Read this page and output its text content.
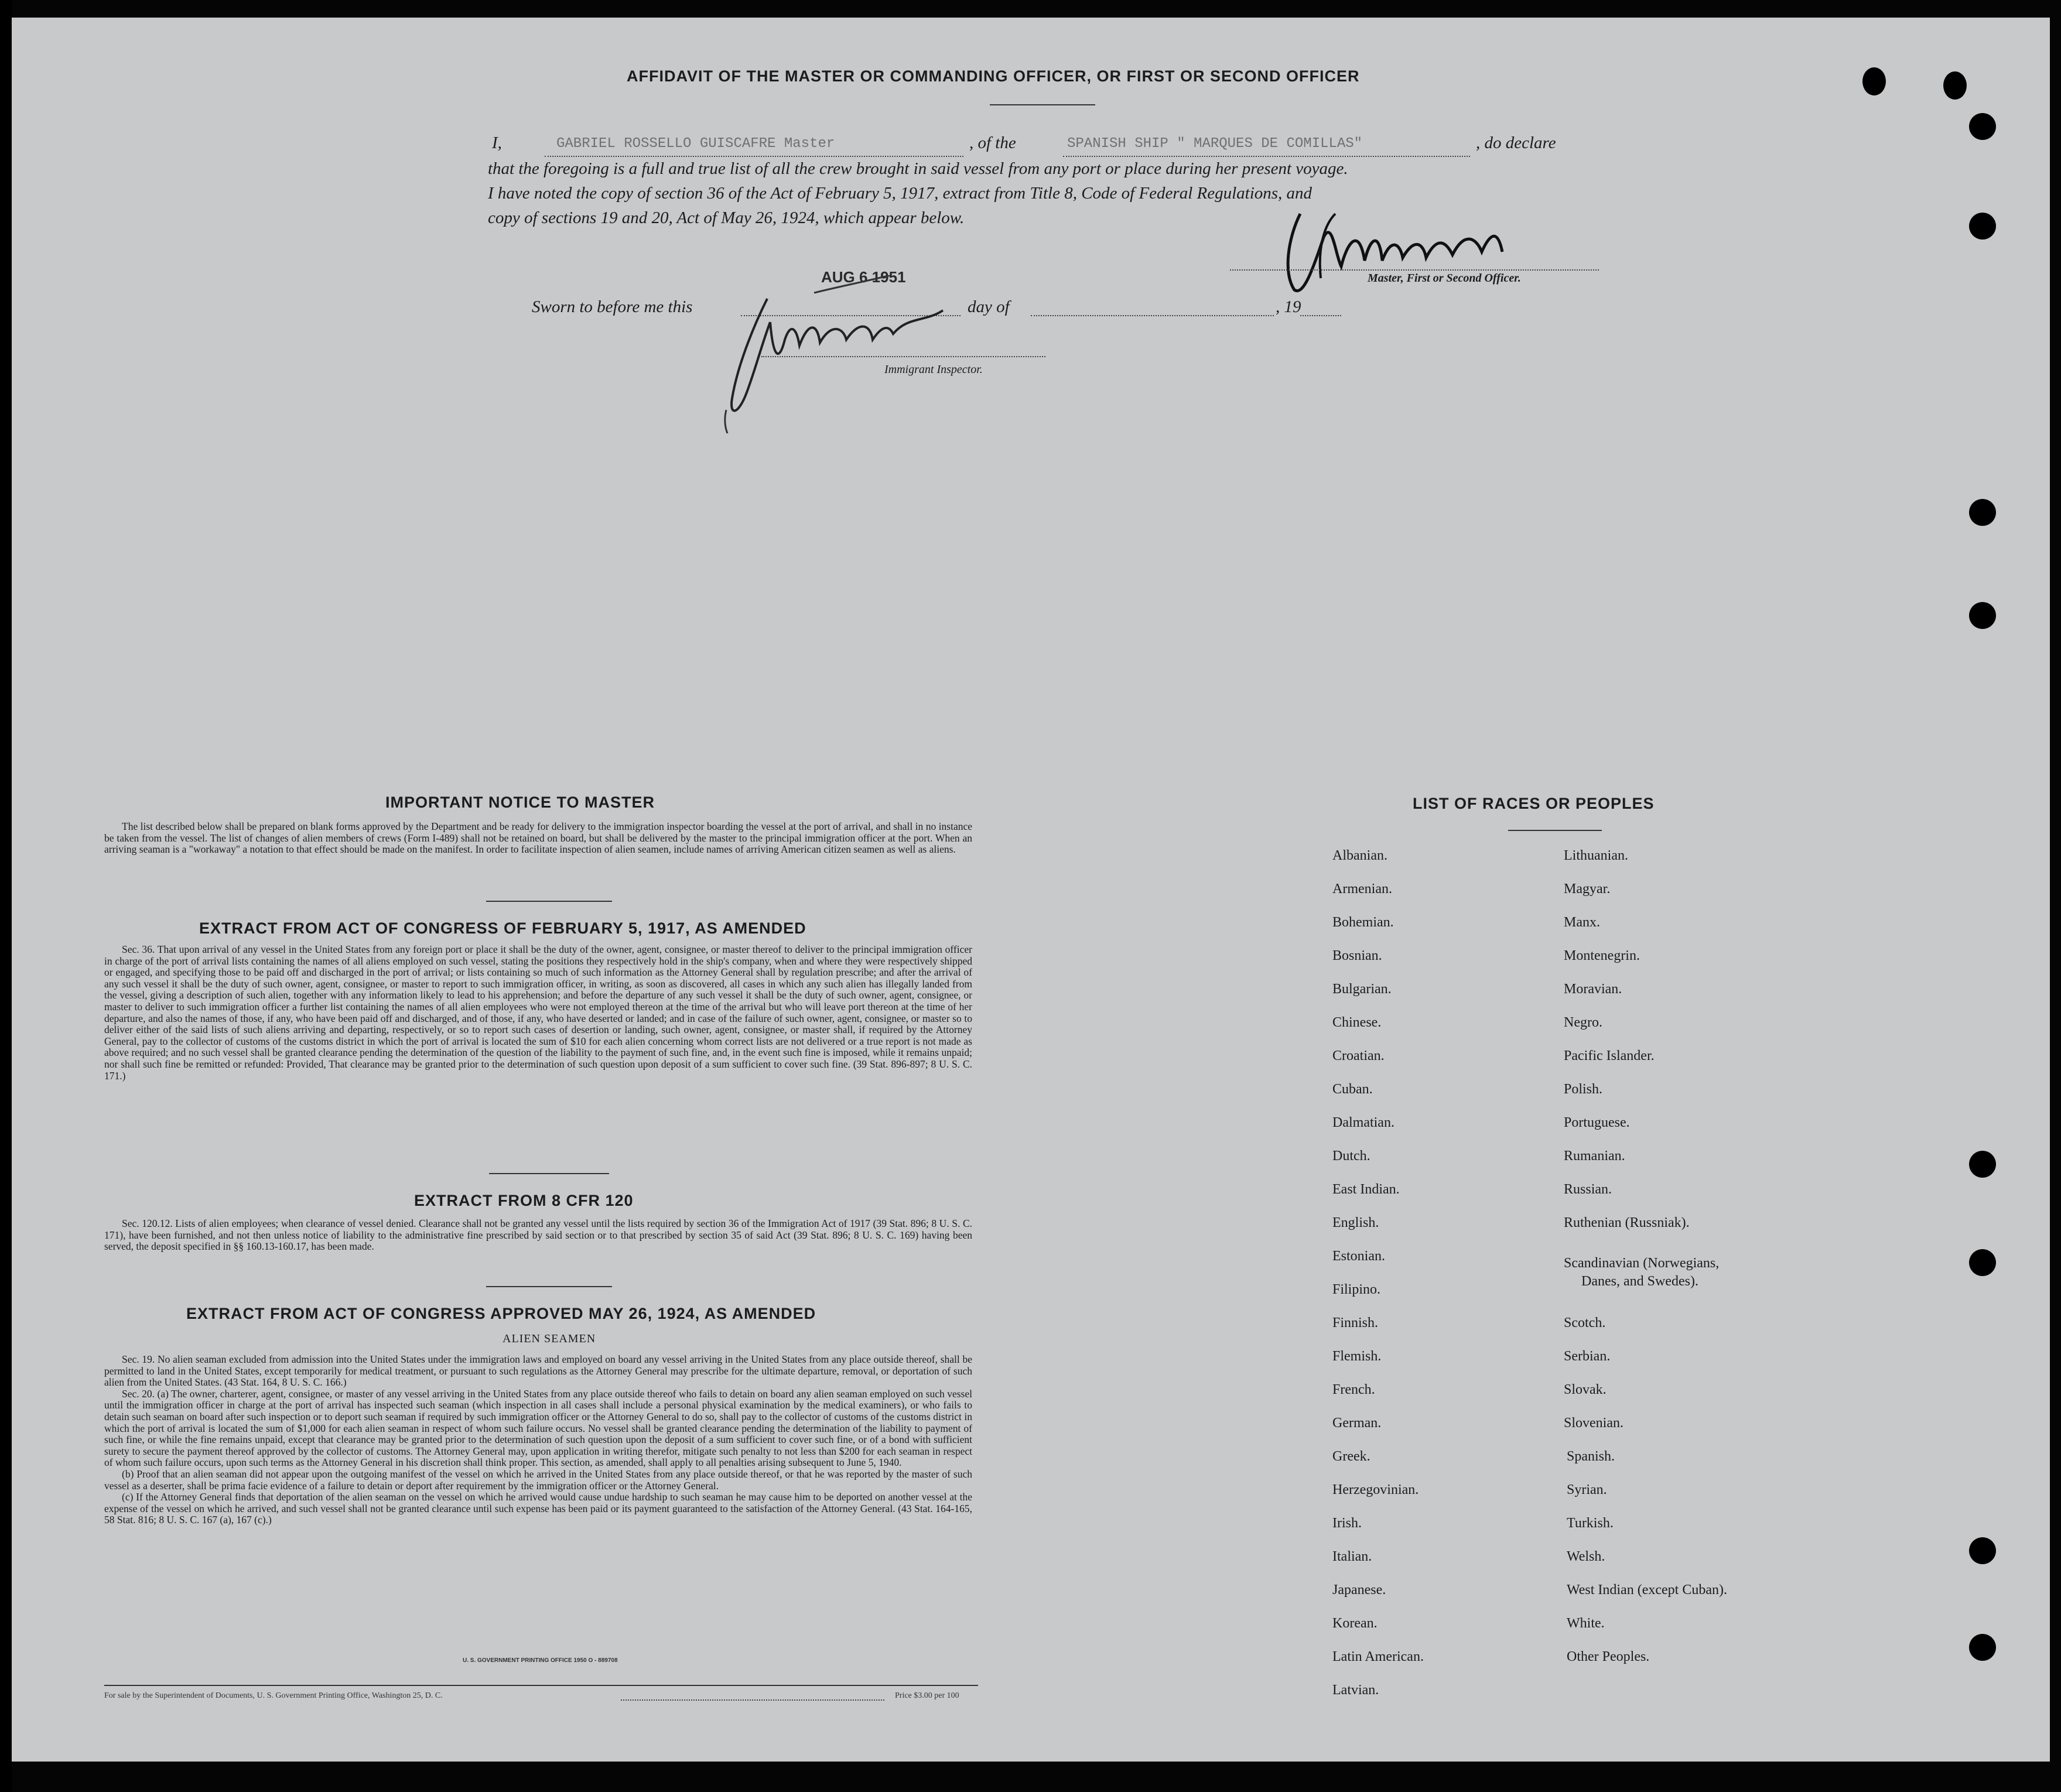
AFFIDAVIT OF THE MASTER OR COMMANDING OFFICER, OR FIRST OR SECOND OFFICER
I,	GABRIEL ROSSELLO GUISCAFRE Master	, of the	SPANISH SHIP " MARQUES DE COMILLAS"	, do declare
that the foregoing is a full and true list of all the crew brought in said vessel from any port or place during her present voyage.
I have noted the copy of section 36 of the Act of February 5, 1917, extract from Title 8, Code of Federal Regulations, and
copy of sections 19 and 20, Act of May 26, 1924, which appear below.
Master, First or Second Officer.
Sworn to before me this
AUG 6 1951
day of	, 19
Immigrant Inspector.
IMPORTANT NOTICE TO MASTER

The list described below shall be prepared on blank forms approved by the Department and be ready for delivery to the immigration inspector boarding the vessel at the port of arrival, and shall in no instance be taken from the vessel. The list of changes of alien members of crews (Form I-489) shall not be retained on board, but shall be delivered by the master to the principal immigration officer at the port. When an arriving seaman is a "workaway" a notation to that effect should be made on the manifest. In order to facilitate inspection of alien seamen, include names of arriving American citizen seamen as well as aliens.

EXTRACT FROM ACT OF CONGRESS OF FEBRUARY 5, 1917, AS AMENDED

Sec. 36. That upon arrival of any vessel in the United States from any foreign port or place it shall be the duty of the owner, agent, consignee, or master thereof to deliver to the principal immigration officer in charge of the port of arrival lists containing the names of all aliens employed on such vessel, stating the positions they respectively hold in the ship's company, when and where they were respectively shipped or engaged, and specifying those to be paid off and discharged in the port of arrival; or lists containing so much of such information as the Attorney General shall by regulation prescribe; and after the arrival of any such vessel it shall be the duty of such owner, agent, consignee, or master to report to such immigration officer, in writing, as soon as discovered, all cases in which any such alien has illegally landed from the vessel, giving a description of such alien, together with any information likely to lead to his apprehension; and before the departure of any such vessel it shall be the duty of such owner, agent, consignee, or master to deliver to such immigration officer a further list containing the names of all alien employees who were not employed thereon at the time of the arrival but who will leave port thereon at the time of her departure, and also the names of those, if any, who have been paid off and discharged, and of those, if any, who have deserted or landed; and in case of the failure of such owner, agent, consignee, or master so to deliver either of the said lists of such aliens arriving and departing, respectively, or so to report such cases of desertion or landing, such owner, agent, consignee, or master shall, if required by the Attorney General, pay to the collector of customs of the customs district in which the port of arrival is located the sum of $10 for each alien concerning whom correct lists are not delivered or a true report is not made as above required; and no such vessel shall be granted clearance pending the determination of the question of the liability to the payment of such fine, and, in the event such fine is imposed, while it remains unpaid; nor shall such fine be remitted or refunded: Provided, That clearance may be granted prior to the determination of such question upon deposit of a sum sufficient to cover such fine. (39 Stat. 896-897; 8 U. S. C. 171.)

EXTRACT FROM 8 CFR 120

Sec. 120.12. Lists of alien employees; when clearance of vessel denied. Clearance shall not be granted any vessel until the lists required by section 36 of the Immigration Act of 1917 (39 Stat. 896; 8 U. S. C. 171), have been furnished, and not then unless notice of liability to the administrative fine prescribed by said section or to that prescribed by section 35 of said Act (39 Stat. 896; 8 U. S. C. 169) having been served, the deposit specified in §§ 160.13-160.17, has been made.

EXTRACT FROM ACT OF CONGRESS APPROVED MAY 26, 1924, AS AMENDED
ALIEN SEAMEN

Sec. 19. No alien seaman excluded from admission into the United States under the immigration laws and employed on board any vessel arriving in the United States from any place outside thereof, shall be permitted to land in the United States, except temporarily for medical treatment, or pursuant to such regulations as the Attorney General may prescribe for the ultimate departure, removal, or deportation of such alien from the United States. (43 Stat. 164, 8 U. S. C. 166.)

Sec. 20. (a) The owner, charterer, agent, consignee, or master of any vessel arriving in the United States from any place outside thereof who fails to detain on board any alien seaman employed on such vessel until the immigration officer in charge at the port of arrival has inspected such seaman (which inspection in all cases shall include a personal physical examination by the medical examiners), or who fails to detain such seaman on board after such inspection or to deport such seaman if required by such immigration officer or the Attorney General to do so, shall pay to the collector of customs of the customs district in which the port of arrival is located the sum of $1,000 for each alien seaman in respect of whom such failure occurs. No vessel shall be granted clearance pending the determination of the liability to payment of such fine, or while the fine remains unpaid, except that clearance may be granted prior to the determination of such question upon the deposit of a sum sufficient to cover such fine, or of a bond with sufficient surety to secure the payment thereof approved by the collector of customs. The Attorney General may, upon application in writing therefor, mitigate such penalty to not less than $200 for each seaman in respect of whom such failure occurs, upon such terms as the Attorney General in his discretion shall think proper. This section, as amended, shall apply to all penalties arising subsequent to June 5, 1940.

(b) Proof that an alien seaman did not appear upon the outgoing manifest of the vessel on which he arrived in the United States from any place outside thereof, or that he was reported by the master of such vessel as a deserter, shall be prima facie evidence of a failure to detain or deport after requirement by the immigration officer or the Attorney General.

(c) If the Attorney General finds that deportation of the alien seaman on the vessel on which he arrived would cause undue hardship to such seaman he may cause him to be deported on another vessel at the expense of the vessel on which he arrived, and such vessel shall not be granted clearance until such expense has been paid or its payment guaranteed to the satisfaction of the Attorney General. (43 Stat. 164-165, 58 Stat. 816; 8 U. S. C. 167 (a), 167 (c).)

U. S. GOVERNMENT PRINTING OFFICE 1950 O - 889708
For sale by the Superintendent of Documents, U. S. Government Printing Office, Washington 25, D. C.	Price $3.00 per 100
LIST OF RACES OR PEOPLES
Albanian.
Armenian.
Bohemian.
Bosnian.
Bulgarian.
Chinese.
Croatian.
Cuban.
Dalmatian.
Dutch.
East Indian.
English.
Estonian.
Filipino.
Finnish.
Flemish.
French.
German.
Greek.
Herzegovinian.
Irish.
Italian.
Japanese.
Korean.
Latin American.
Latvian.
Lithuanian.
Magyar.
Manx.
Montenegrin.
Moravian.
Negro.
Pacific Islander.
Polish.
Portuguese.
Rumanian.
Russian.
Ruthenian (Russniak).
Scandinavian (Norwegians,
Danes, and Swedes).
Scotch.
Serbian.
Slovak.
Slovenian.
Spanish.
Syrian.
Turkish.
Welsh.
West Indian (except Cuban).
White.
Other Peoples.
